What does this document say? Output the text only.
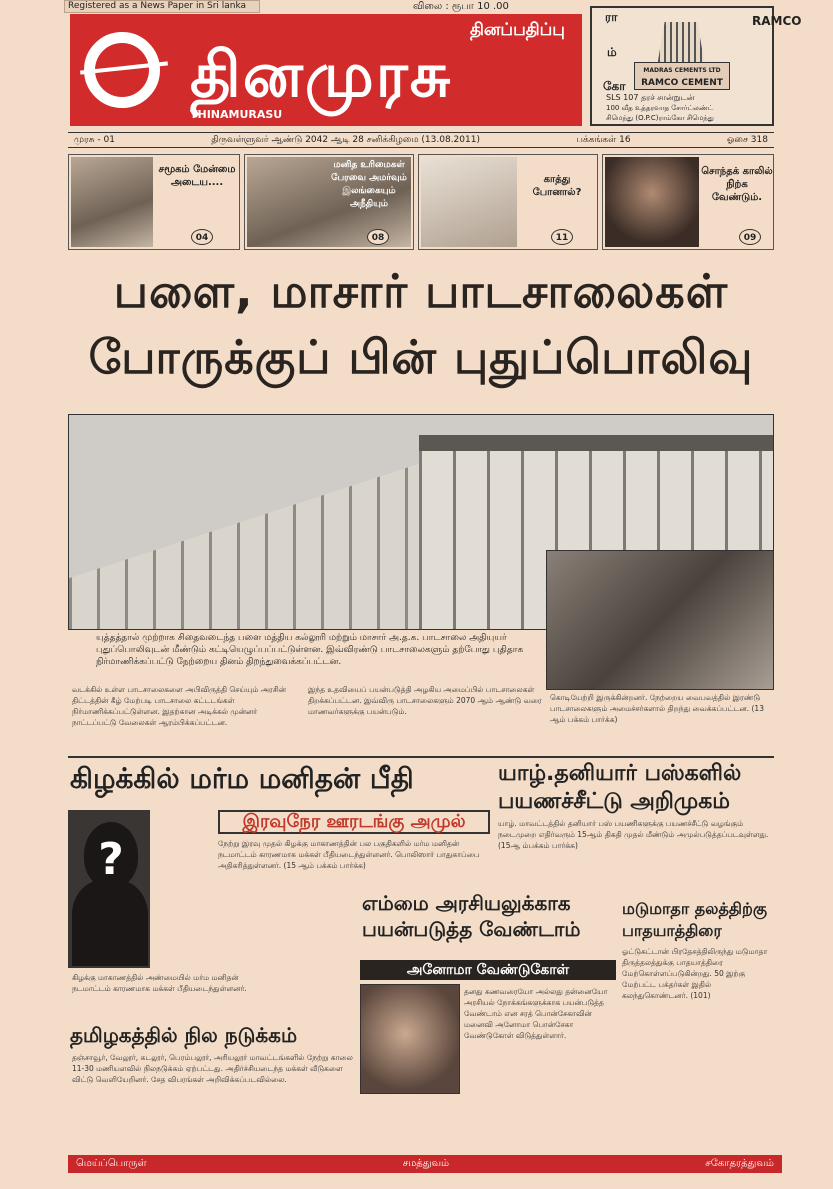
Registered as a News Paper in Sri lanka	விலை : ரூபா 10 .00
தினப்பதிப்பு
தினமுரசு
THINAMURASU
ரா
ம்
கோ
MADRAS CEMENTS LTD
RAMCO CEMENT
RAMCO
SLS 107 தரச் சான்றுடன்
100 வீத உத்தரவாத சோர்ட்லண்ட்
சிமெந்து (O.P.C)ராம்கோ சிமெந்து
முரசு - 01	திருவள்ளுவர் ஆண்டு 2042 ஆடி 28 சனிக்கிழமை (13.08.2011)	பக்கங்கள் 16	ஓசை 318
சமூகம் மேன்மை அடைய....
04
மனித உரிமைகள் பேரவை அமர்வும் இலங்கையும் அநீதியும்
08
காத்து போனால்?
11
சொந்தக் காலில் நிற்க வேண்டும்.
09
பளை, மாசார் பாடசாலைகள்
போருக்குப் பின் புதுப்பொலிவு
யுத்தத்தால் முற்றாக சிதைவடைந்த பளை மத்திய கல்லூரி மற்றும் மாசார் அ.த.க. பாடசாலை அதியுயர் புதுப்பொலிவுடன் மீண்டும் கட்டியெழுப்பப்பட்டுள்ளன. இவ்விரண்டு பாடசாலைகளும் தற்போது புதிதாக நிர்மாணிக்கப்பட்டு நேற்றைய தினம் திறந்துவைக்கப்பட்டன.
வடக்கில் உள்ள பாடசாலைகளை அபிவிருத்தி செய்யும் அரசின் திட்டத்தின் கீழ் மேற்படி பாடசாலை கட்டடங்கள் நிர்மாணிக்கப்பட்டுள்ளன. இதற்கான அடிக்கல் முன்னர் நாட்டப்பட்டு வேலைகள் ஆரம்பிக்கப்பட்டன.
இந்த உதவியைப் பயன்படுத்தி அழகிய அமைப்பில் பாடசாலைகள் திறக்கப்பட்டன. இவ்விரு பாடசாலைகளும் 2070 ஆம் ஆண்டு வரை மாணவர்களுக்கு பயன்படும்.
கொடியேற்றி இருக்கின்றனர். நேற்றைய வைபவத்தில் இரண்டு பாடசாலைகளும் அமைச்சர்களால் திறந்து வைக்கப்பட்டன. (13 ஆம் பக்கம் பார்க்க)
கிழக்கில் மர்ம மனிதன் பீதி
?
இரவுநேர ஊரடங்கு அமுல்
நேற்று இரவு முதல் கிழக்கு மாகாணத்தின் பல பகுதிகளில் மர்ம மனிதன் நடமாட்டம் காரணமாக மக்கள் பீதியடைந்துள்ளனர். பொலிஸார் பாதுகாப்பை அதிகரித்துள்ளனர். (15 ஆம் பக்கம் பார்க்க)
கிழக்கு மாகாணத்தில் அண்மையில் மர்ம மனிதன் நடமாட்டம் காரணமாக மக்கள் பீதியடைந்துள்ளனர்.
யாழ்.தனியார் பஸ்களில் பயணச்சீட்டு அறிமுகம்
யாழ். மாவட்டத்தில் தனியார் பஸ் பயணிகளுக்கு பயணச்சீட்டு வழங்கும் நடைமுறை எதிர்வரும் 15ஆம் திகதி முதல் மீண்டும் அமுல்படுத்தப்படவுள்ளது. (15ஆ ம்பக்கம் பார்க்க)
எம்மை அரசியலுக்காக பயன்படுத்த வேண்டாம்
அனோமா வேண்டுகோள்
தனது கணவரையோ அல்லது தன்னையோ அரசியல் நோக்கங்களுக்காக பயன்படுத்த வேண்டாம் என சரத் பொன்சேகாவின் மனைவி அனோமா பொன்சேகா வேண்டுகோள் விடுத்துள்ளார்.
மடுமாதா தலத்திற்கு பாதயாத்திரை
ஓட்டுசுட்டான் பிரதேசத்திலிருந்து மடுமாதா திருத்தலத்துக்கு பாதயாத்திரை மேற்கொள்ளப்படுகின்றது. 50 இற்கு மேற்பட்ட பக்தர்கள் இதில் கலந்துகொண்டனர். (101)
தமிழகத்தில் நில நடுக்கம்
தஞ்சாவூர், வேலூர், கடலூர், பெரம்பலூர், அரியலூர் மாவட்டங்களில் நேற்று காலை 11-30 மணியளவில் நிலநடுக்கம் ஏற்பட்டது. அதிர்ச்சியடைந்த மக்கள் வீடுகளை விட்டு வெளியேறினர். சேத விபரங்கள் அறிவிக்கப்படவில்லை.
மெய்ப்பொருள்	சமத்துவம்	சகோதரத்துவம்
